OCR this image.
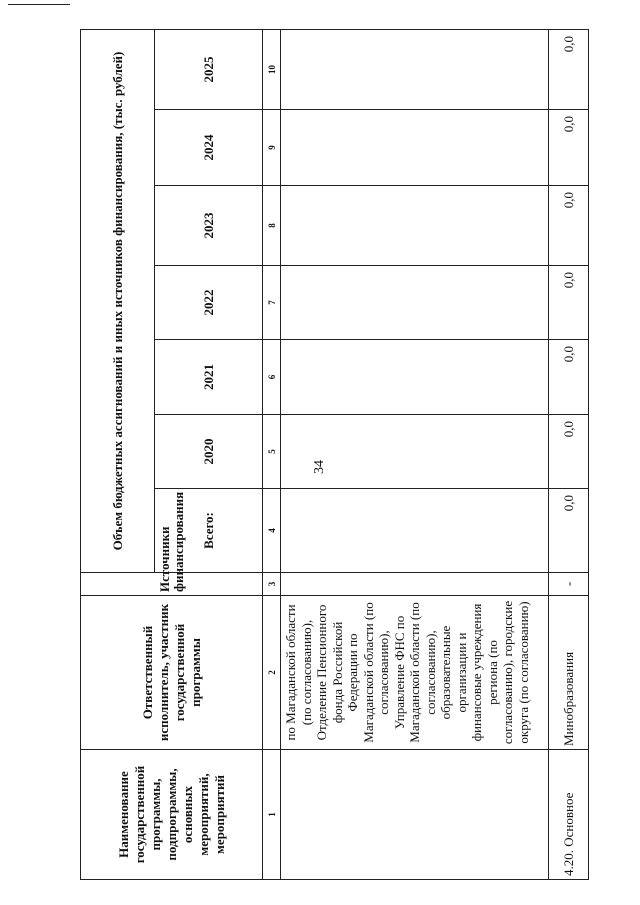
34
Наименование государственной программы, подпрограммы, основных мероприятий, мероприятий	Ответственный исполнитель, участник государственной программы	Источники финансирования	Объем бюджетных ассигнований и иных источников финансирования, (тыс. рублей)						
			Всего:	2020	2021	2022	2023	2024	2025
1	2	3	4	5	6	7	8	9	10
	по Магаданской области (по согласованию), Отделение Пенсионного фонда Российской Федерации по Магаданской области (по согласованию), Управление ФНС по Магаданской области (по согласованию), образовательные организации и финансовые учреждения региона (по согласованию), городские округа (по согласованию)								
4.20. Основное	Минобразования	-	0,0	0,0	0,0	0,0	0,0	0,0	0,0
